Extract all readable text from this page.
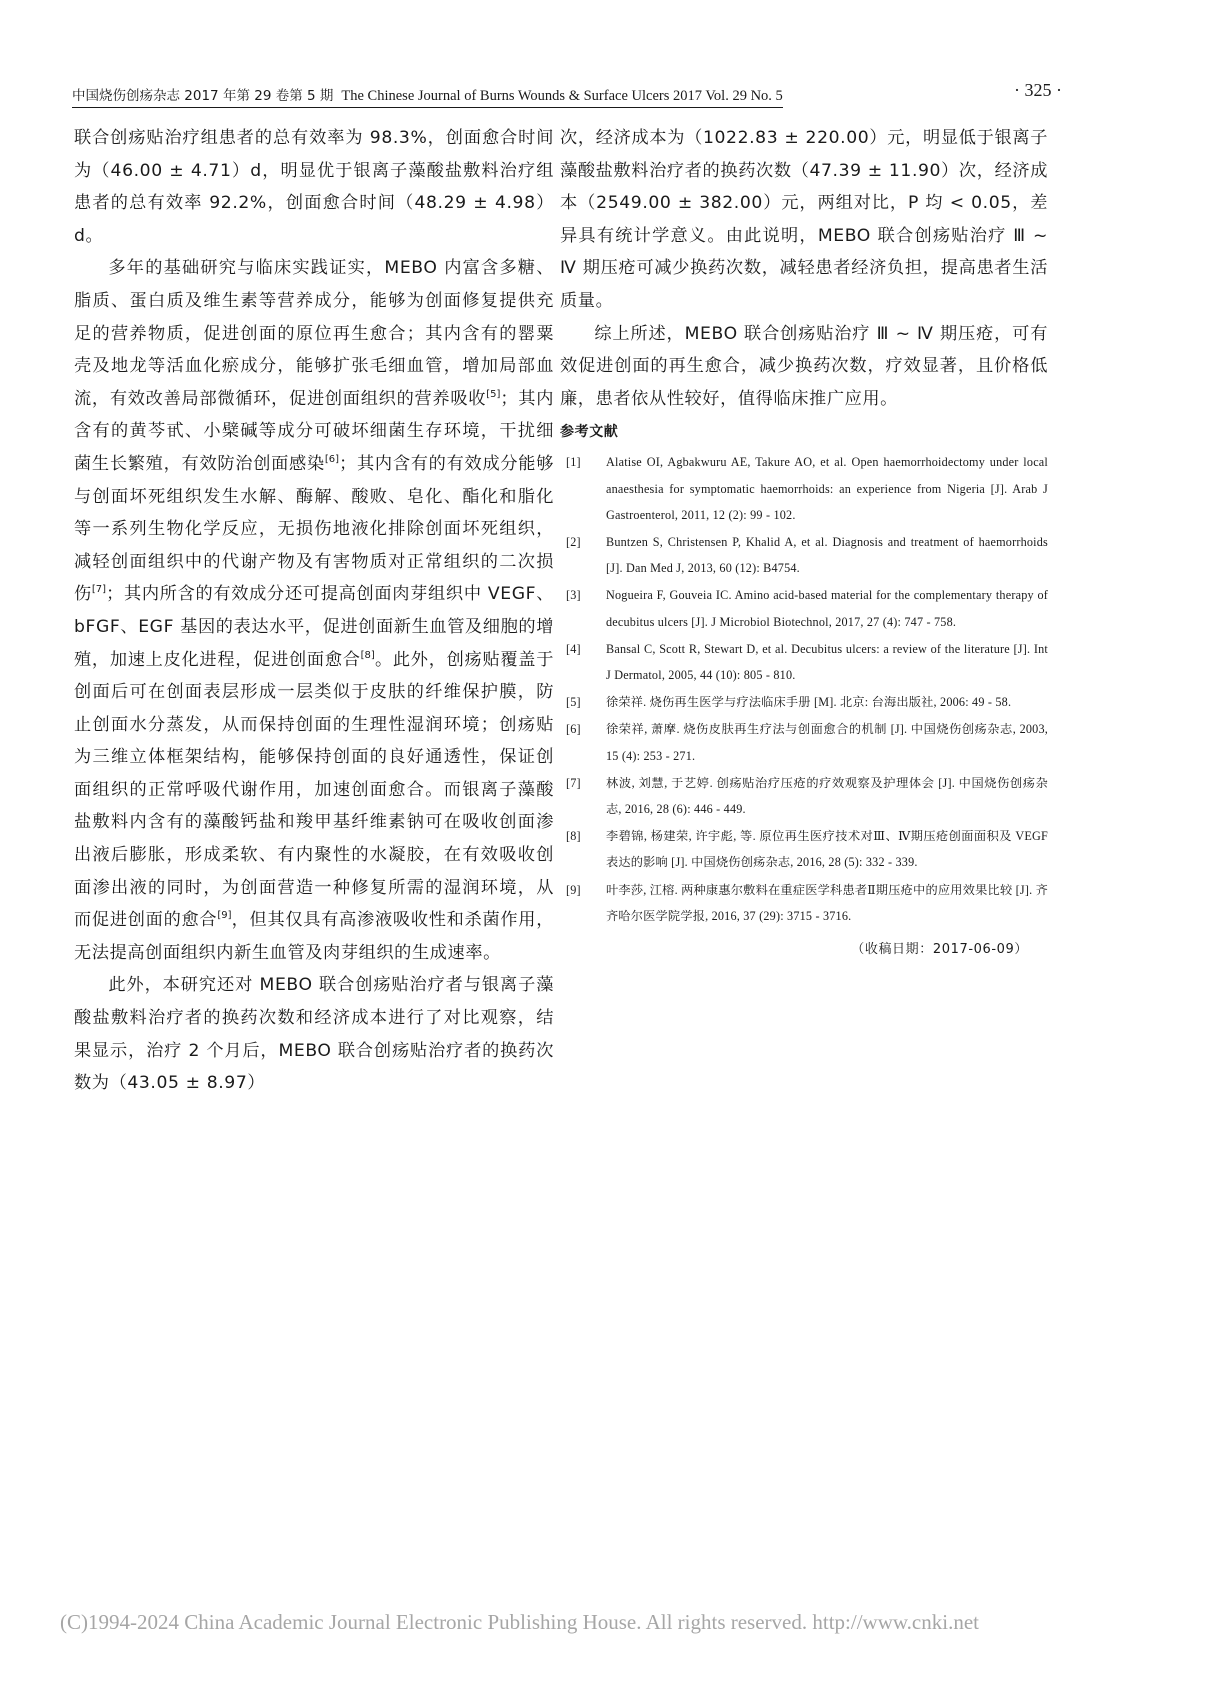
中国烧伤创疡杂志 2017 年第 29 卷第 5 期 The Chinese Journal of Burns Wounds & Surface Ulcers 2017 Vol. 29 No. 5	· 325 ·

联合创疡贴治疗组患者的总有效率为 98.3%，创面愈合时间为（46.00 ± 4.71）d，明显优于银离子藻酸盐敷料治疗组患者的总有效率 92.2%，创面愈合时间（48.29 ± 4.98）d。

多年的基础研究与临床实践证实，MEBO 内富含多糖、脂质、蛋白质及维生素等营养成分，能够为创面修复提供充足的营养物质，促进创面的原位再生愈合；其内含有的罂粟壳及地龙等活血化瘀成分，能够扩张毛细血管，增加局部血流，有效改善局部微循环，促进创面组织的营养吸收[5]；其内含有的黄芩甙、小檗碱等成分可破坏细菌生存环境，干扰细菌生长繁殖，有效防治创面感染[6]；其内含有的有效成分能够与创面坏死组织发生水解、酶解、酸败、皂化、酯化和脂化等一系列生物化学反应，无损伤地液化排除创面坏死组织，减轻创面组织中的代谢产物及有害物质对正常组织的二次损伤[7]；其内所含的有效成分还可提高创面肉芽组织中 VEGF、bFGF、EGF 基因的表达水平，促进创面新生血管及细胞的增殖，加速上皮化进程，促进创面愈合[8]。此外，创疡贴覆盖于创面后可在创面表层形成一层类似于皮肤的纤维保护膜，防止创面水分蒸发，从而保持创面的生理性湿润环境；创疡贴为三维立体框架结构，能够保持创面的良好通透性，保证创面组织的正常呼吸代谢作用，加速创面愈合。而银离子藻酸盐敷料内含有的藻酸钙盐和羧甲基纤维素钠可在吸收创面渗出液后膨胀，形成柔软、有内聚性的水凝胶，在有效吸收创面渗出液的同时，为创面营造一种修复所需的湿润环境，从而促进创面的愈合[9]，但其仅具有高渗液吸收性和杀菌作用，无法提高创面组织内新生血管及肉芽组织的生成速率。

此外，本研究还对 MEBO 联合创疡贴治疗者与银离子藻酸盐敷料治疗者的换药次数和经济成本进行了对比观察，结果显示，治疗 2 个月后，MEBO 联合创疡贴治疗者的换药次数为（43.05 ± 8.97）

次，经济成本为（1022.83 ± 220.00）元，明显低于银离子藻酸盐敷料治疗者的换药次数（47.39 ± 11.90）次，经济成本（2549.00 ± 382.00）元，两组对比，P 均 < 0.05，差异具有统计学意义。由此说明，MEBO 联合创疡贴治疗 Ⅲ ~ Ⅳ 期压疮可减少换药次数，减轻患者经济负担，提高患者生活质量。

综上所述，MEBO 联合创疡贴治疗 Ⅲ ~ Ⅳ 期压疮，可有效促进创面的再生愈合，减少换药次数，疗效显著，且价格低廉，患者依从性较好，值得临床推广应用。

参考文献
[1] Alatise OI, Agbakwuru AE, Takure AO, et al. Open haemorrhoidectomy under local anaesthesia for symptomatic haemorrhoids: an experience from Nigeria [J]. Arab J Gastroenterol, 2011, 12 (2): 99 - 102.
[2] Buntzen S, Christensen P, Khalid A, et al. Diagnosis and treatment of haemorrhoids [J]. Dan Med J, 2013, 60 (12): B4754.
[3] Nogueira F, Gouveia IC. Amino acid-based material for the complementary therapy of decubitus ulcers [J]. J Microbiol Biotechnol, 2017, 27 (4): 747 - 758.
[4] Bansal C, Scott R, Stewart D, et al. Decubitus ulcers: a review of the literature [J]. Int J Dermatol, 2005, 44 (10): 805 - 810.
[5] 徐荣祥. 烧伤再生医学与疗法临床手册 [M]. 北京: 台海出版社, 2006: 49 - 58.
[6] 徐荣祥, 萧摩. 烧伤皮肤再生疗法与创面愈合的机制 [J]. 中国烧伤创疡杂志, 2003, 15 (4): 253 - 271.
[7] 林波, 刘慧, 于艺婷. 创疡贴治疗压疮的疗效观察及护理体会 [J]. 中国烧伤创疡杂志, 2016, 28 (6): 446 - 449.
[8] 李碧锦, 杨建荣, 许宇彪, 等. 原位再生医疗技术对Ⅲ、Ⅳ期压疮创面面积及 VEGF 表达的影响 [J]. 中国烧伤创疡杂志, 2016, 28 (5): 332 - 339.
[9] 叶李莎, 江榕. 两种康惠尔敷料在重症医学科患者Ⅱ期压疮中的应用效果比较 [J]. 齐齐哈尔医学院学报, 2016, 37 (29): 3715 - 3716.
（收稿日期：2017-06-09）
(C)1994-2024 China Academic Journal Electronic Publishing House. All rights reserved. http://www.cnki.net
